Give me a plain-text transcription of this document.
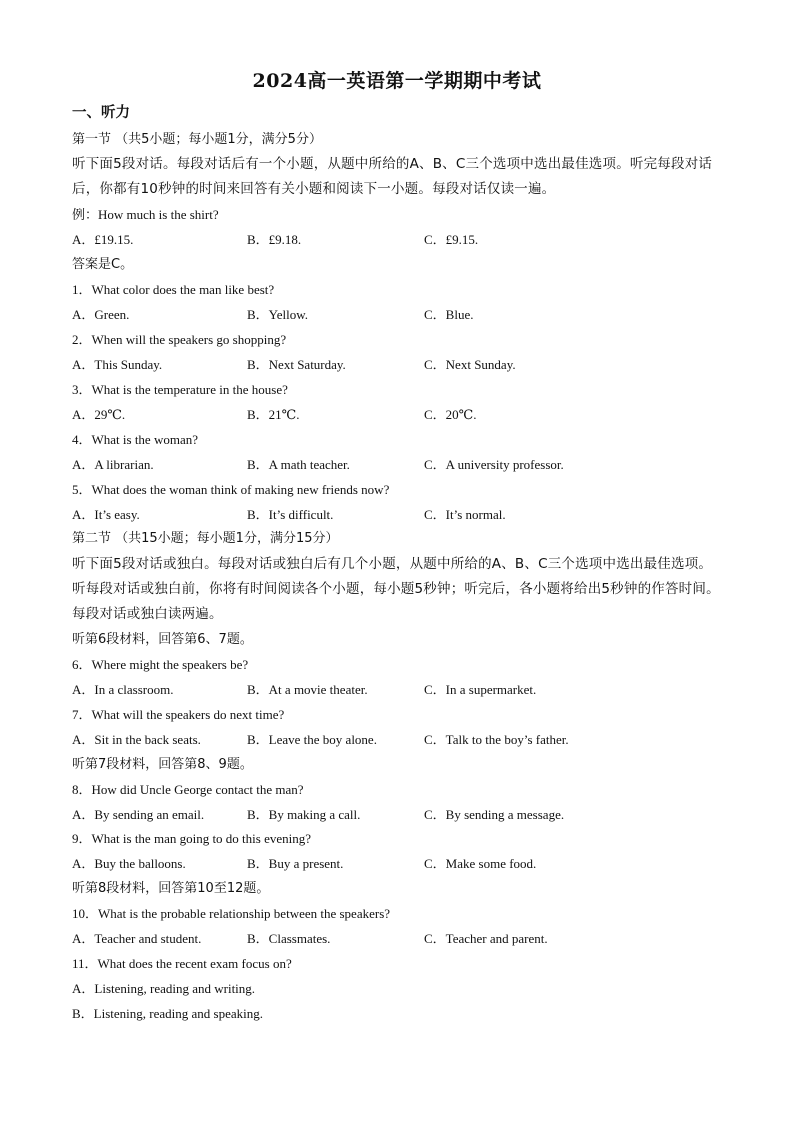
2024高一英语第一学期期中考试
一、听力
第一节 （共5小题；每小题1分，满分5分）
听下面5段对话。每段对话后有一个小题，从题中所给的A、B、C三个选项中选出最佳选项。听完每段对话后，你都有10秒钟的时间来回答有关小题和阅读下一小题。每段对话仅读一遍。
例：How much is the shirt?
A．£19.15.	B．£9.18.	C．£9.15.
答案是C。
1．What color does the man like best?
A．Green.	B．Yellow.	C．Blue.
2．When will the speakers go shopping?
A．This Sunday.	B．Next Saturday.	C．Next Sunday.
3．What is the temperature in the house?
A．29℃.	B．21℃.	C．20℃.
4．What is the woman?
A．A librarian.	B．A math teacher.	C．A university professor.
5．What does the woman think of making new friends now?
A．It’s easy.	B．It’s difficult.	C．It’s normal.
第二节 （共15小题；每小题1分，满分15分）
听下面5段对话或独白。每段对话或独白后有几个小题，从题中所给的A、B、C三个选项中选出最佳选项。听每段对话或独白前，你将有时间阅读各个小题，每小题5秒钟；听完后，各小题将给出5秒钟的作答时间。每段对话或独白读两遍。
听第6段材料，回答第6、7题。
6．Where might the speakers be?
A．In a classroom.	B．At a movie theater.	C．In a supermarket.
7．What will the speakers do next time?
A．Sit in the back seats.	B．Leave the boy alone.	C．Talk to the boy’s father.
听第7段材料，回答第8、9题。
8．How did Uncle George contact the man?
A．By sending an email.	B．By making a call.	C．By sending a message.
9．What is the man going to do this evening?
A．Buy the balloons.	B．Buy a present.	C．Make some food.
听第8段材料，回答第10至12题。
10．What is the probable relationship between the speakers?
A．Teacher and student.	B．Classmates.	C．Teacher and parent.
11．What does the recent exam focus on?
A．Listening, reading and writing.
B．Listening, reading and speaking.
